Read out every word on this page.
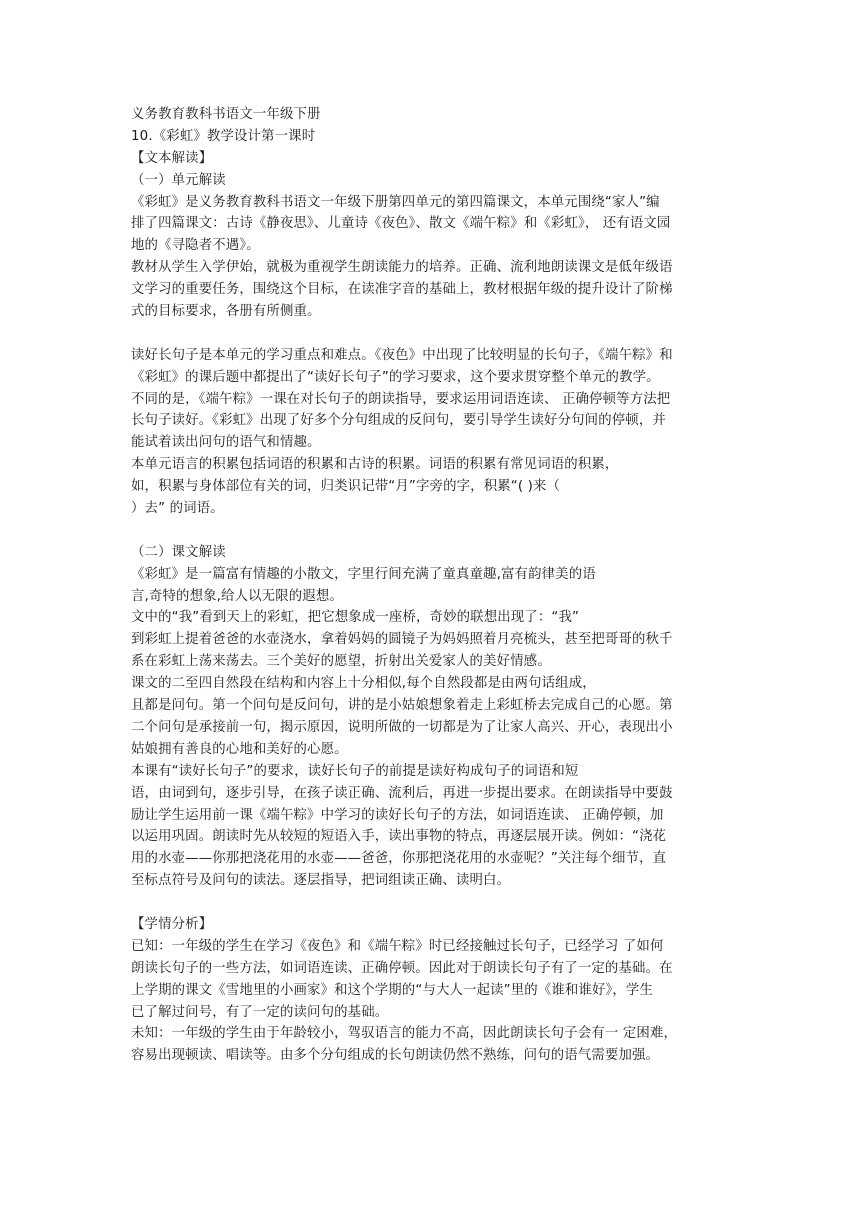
义务教育教科书语文一年级下册
10.《彩虹》教学设计第一课时
【文本解读】
（一）单元解读
《彩虹》是义务教育教科书语文一年级下册第四单元的第四篇课文，本单元围绕“家人”编
排了四篇课文：古诗《静夜思》、儿童诗《夜色》、散文《端午粽》和《彩虹》， 还有语文园
地的《寻隐者不遇》。
教材从学生入学伊始，就极为重视学生朗读能力的培养。正确、流利地朗读课文是低年级语
文学习的重要任务，围绕这个目标，在读准字音的基础上，教材根据年级的提升设计了阶梯
式的目标要求，各册有所侧重。
读好长句子是本单元的学习重点和难点。《夜色》中出现了比较明显的长句子，《端午粽》和
《彩虹》的课后题中都提出了“读好长句子”的学习要求，这个要求贯穿整个单元的教学。
不同的是，《端午粽》一课在对长句子的朗读指导，要求运用词语连读、 正确停顿等方法把
长句子读好。《彩虹》出现了好多个分句组成的反问句，要引导学生读好分句间的停顿，并
能试着读出问句的语气和情趣。
本单元语言的积累包括词语的积累和古诗的积累。词语的积累有常见词语的积累，
如，积累与身体部位有关的词，归类识记带“月”字旁的字，积累“( )来（
）去” 的词语。
（二）课文解读
《彩虹》是一篇富有情趣的小散文，字里行间充满了童真童趣,富有韵律美的语
言,奇特的想象,给人以无限的遐想。
文中的“我”看到天上的彩虹，把它想象成一座桥，奇妙的联想出现了：“我”
到彩虹上提着爸爸的水壶浇水，拿着妈妈的圆镜子为妈妈照着月亮梳头，甚至把哥哥的秋千
系在彩虹上荡来荡去。三个美好的愿望，折射出关爱家人的美好情感。
课文的二至四自然段在结构和内容上十分相似,每个自然段都是由两句话组成，
且都是问句。第一个问句是反问句，讲的是小姑娘想象着走上彩虹桥去完成自己的心愿。第
二个问句是承接前一句，揭示原因，说明所做的一切都是为了让家人高兴、开心，表现出小
姑娘拥有善良的心地和美好的心愿。
本课有“读好长句子”的要求，读好长句子的前提是读好构成句子的词语和短
语，由词到句，逐步引导，在孩子读正确、流利后，再进一步提出要求。在朗读指导中要鼓
励让学生运用前一课《端午粽》中学习的读好长句子的方法，如词语连读、 正确停顿，加
以运用巩固。朗读时先从较短的短语入手，读出事物的特点，再逐层展开读。例如：“浇花
用的水壶——你那把浇花用的水壶——爸爸，你那把浇花用的水壶呢？”关注每个细节，直
至标点符号及问句的读法。逐层指导，把词组读正确、读明白。
【学情分析】
已知：一年级的学生在学习《夜色》和《端午粽》时已经接触过长句子，已经学习 了如何
朗读长句子的一些方法，如词语连读、正确停顿。因此对于朗读长句子有了一定的基础。在
上学期的课文《雪地里的小画家》和这个学期的“与大人一起读”里的《谁和谁好》，学生
已了解过问号，有了一定的读问句的基础。
未知：一年级的学生由于年龄较小，驾驭语言的能力不高，因此朗读长句子会有一 定困难，
容易出现顿读、唱读等。由多个分句组成的长句朗读仍然不熟练，问句的语气需要加强。
